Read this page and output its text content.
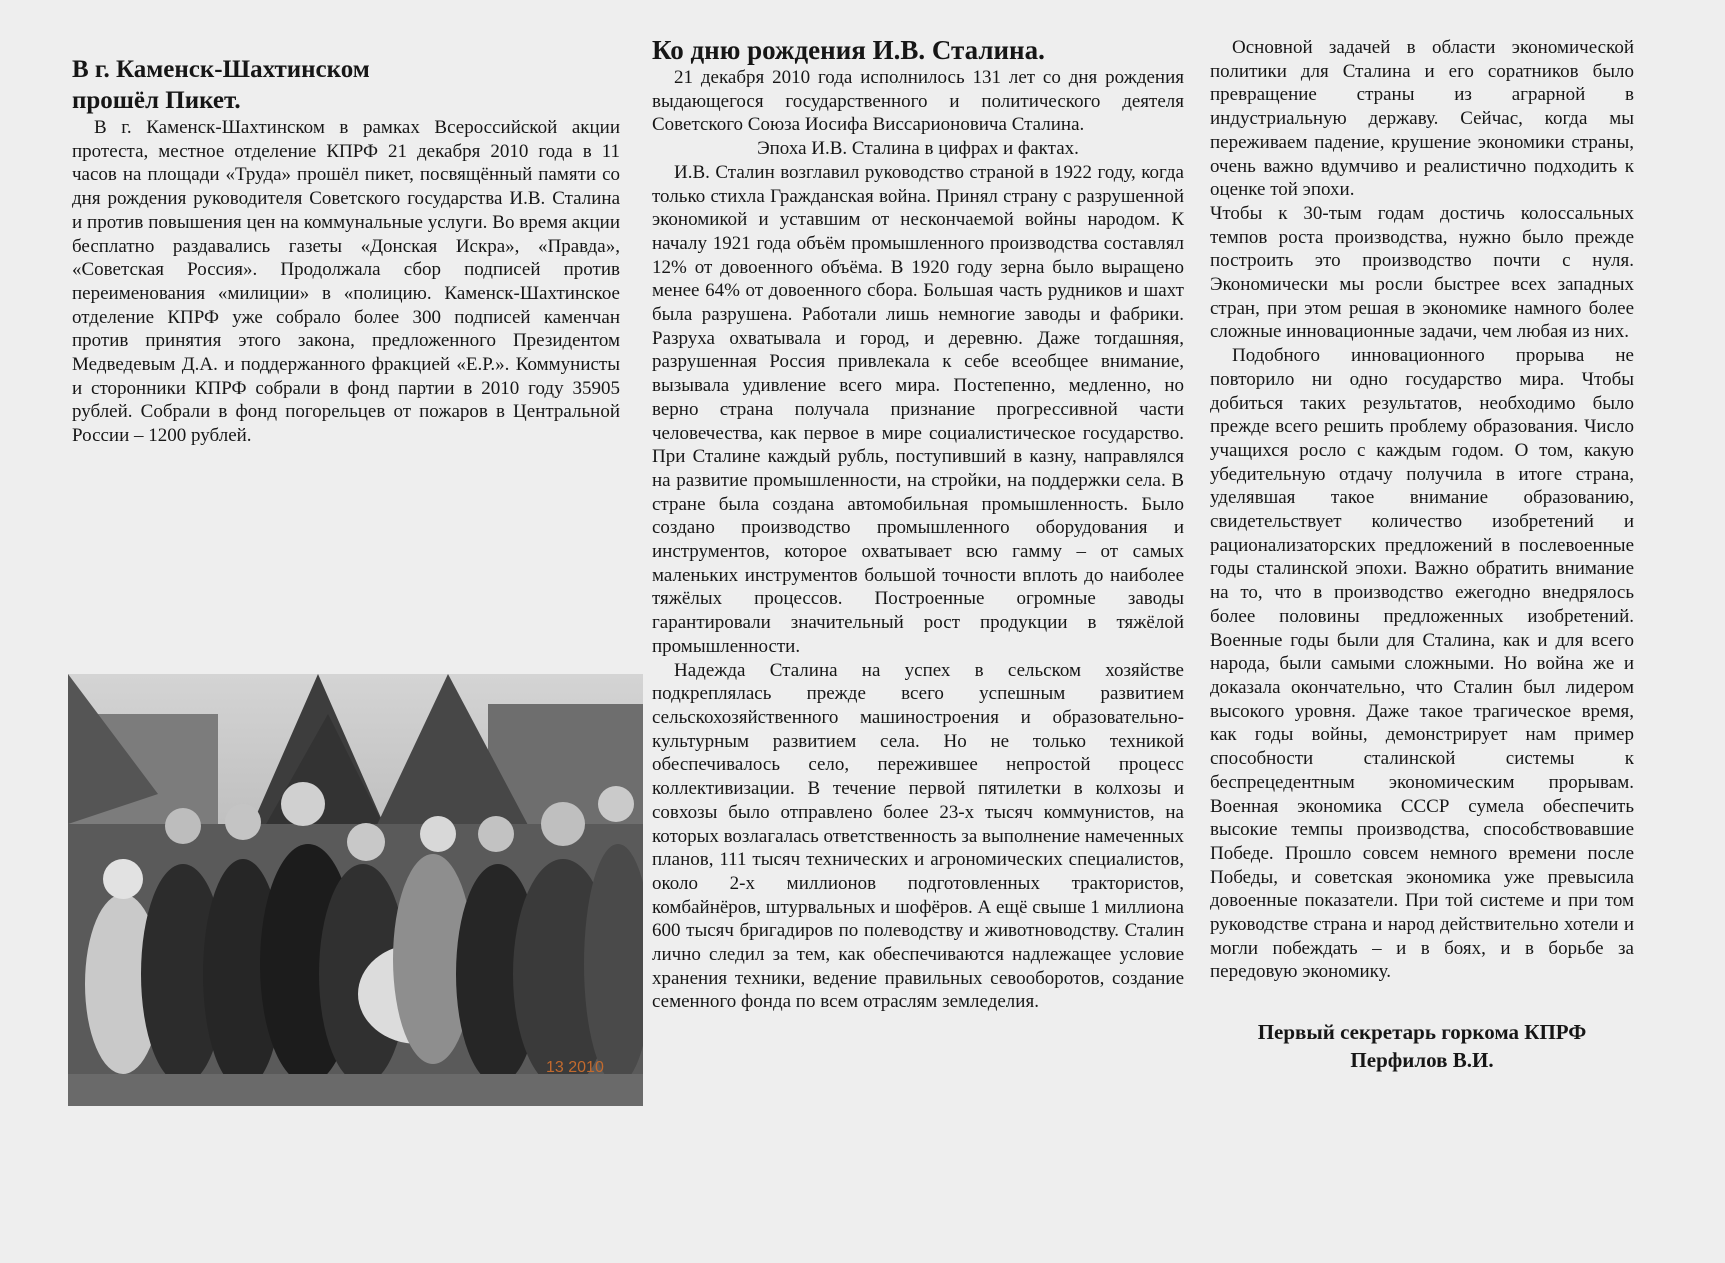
В г. Каменск-Шахтинском
прошёл Пикет.

В г. Каменск-Шахтинском в рамках Всероссийской акции протеста, местное отделение КПРФ 21 декабря 2010 года в 11 часов на площади «Труда» прошёл пикет, посвящённый памяти со дня рождения руководителя Советского государства И.В. Сталина и против повышения цен на коммунальные услуги. Во время акции бесплатно раздавались газеты «Донская Искра», «Правда», «Советская Россия». Продолжала сбор подписей против переименования «милиции» в «полицию. Каменск-Шахтинское отделение КПРФ уже собрало более 300 подписей каменчан против принятия этого закона, предложенного Президентом Медведевым Д.А. и поддержанного фракцией «Е.Р.». Коммунисты и сторонники КПРФ собрали в фонд партии в 2010 году 35905 рублей. Собрали в фонд погорельцев от пожаров в Центральной России – 1200 рублей.

13 2010

Ко дню рождения И.В. Сталина.

21 декабря 2010 года исполнилось 131 лет со дня рождения выдающегося государственного и политического деятеля Советского Союза Иосифа Виссарионовича Сталина.

Эпоха И.В. Сталина в цифрах и фактах.

И.В. Сталин возглавил руководство страной в 1922 году, когда только стихла Гражданская война. Принял страну с разрушенной экономикой и уставшим от нескончаемой войны народом. К началу 1921 года объём промышленного производства составлял 12% от довоенного объёма. В 1920 году зерна было выращено менее 64% от довоенного сбора. Большая часть рудников и шахт была разрушена. Работали лишь немногие заводы и фабрики. Разруха охватывала и город, и деревню. Даже тогдашняя, разрушенная Россия привлекала к себе всеобщее внимание, вызывала удивление всего мира. Постепенно, медленно, но верно страна получала признание прогрессивной части человечества, как первое в мире социалистическое государство. При Сталине каждый рубль, поступивший в казну, направлялся на развитие промышленности, на стройки, на поддержки села. В стране была создана автомобильная промышленность. Было создано производство промышленного оборудования и инструментов, которое охватывает всю гамму – от самых маленьких инструментов большой точности вплоть до наиболее тяжёлых процессов. Построенные огромные заводы гарантировали значительный рост продукции в тяжёлой промышленности.

Надежда Сталина на успех в сельском хозяйстве подкреплялась прежде всего успешным развитием сельскохозяйственного машиностроения и образовательно-культурным развитием села. Но не только техникой обеспечивалось село, пережившее непростой процесс коллективизации. В течение первой пятилетки в колхозы и совхозы было отправлено более 23-х тысяч коммунистов, на которых возлагалась ответственность за выполнение намеченных планов, 111 тысяч технических и агрономических специалистов, около 2-х миллионов подготовленных трактористов, комбайнёров, штурвальных и шофёров. А ещё свыше 1 миллиона 600 тысяч бригадиров по полеводству и животноводству. Сталин лично следил за тем, как обеспечиваются надлежащее условие хранения техники, ведение правильных севооборотов, создание семенного фонда по всем отраслям земледелия.

Основной задачей в области экономической политики для Сталина и его соратников было превращение страны из аграрной в индустриальную державу. Сейчас, когда мы переживаем падение, крушение экономики страны, очень важно вдумчиво и реалистично подходить к оценке той эпохи.

Чтобы к 30-тым годам достичь колоссальных темпов роста производства, нужно было прежде построить это производство почти с нуля. Экономически мы росли быстрее всех западных стран, при этом решая в экономике намного более сложные инновационные задачи, чем любая из них.

Подобного инновационного прорыва не повторило ни одно государство мира. Чтобы добиться таких результатов, необходимо было прежде всего решить проблему образования. Число учащихся росло с каждым годом. О том, какую убедительную отдачу получила в итоге страна, уделявшая такое внимание образованию, свидетельствует количество изобретений и рационализаторских предложений в послевоенные годы сталинской эпохи. Важно обратить внимание на то, что в производство ежегодно внедрялось более половины предложенных изобретений. Военные годы были для Сталина, как и для всего народа, были самыми сложными. Но война же и доказала окончательно, что Сталин был лидером высокого уровня. Даже такое трагическое время, как годы войны, демонстрирует нам пример способности сталинской системы к беспрецедентным экономическим прорывам. Военная экономика СССР сумела обеспечить высокие темпы производства, способствовавшие Победе. Прошло совсем немного времени после Победы, и советская экономика уже превысила довоенные показатели. При той системе и при том руководстве страна и народ действительно хотели и могли побеждать – и в боях, и в борьбе за передовую экономику.

Первый секретарь горкома КПРФ
Перфилов В.И.
